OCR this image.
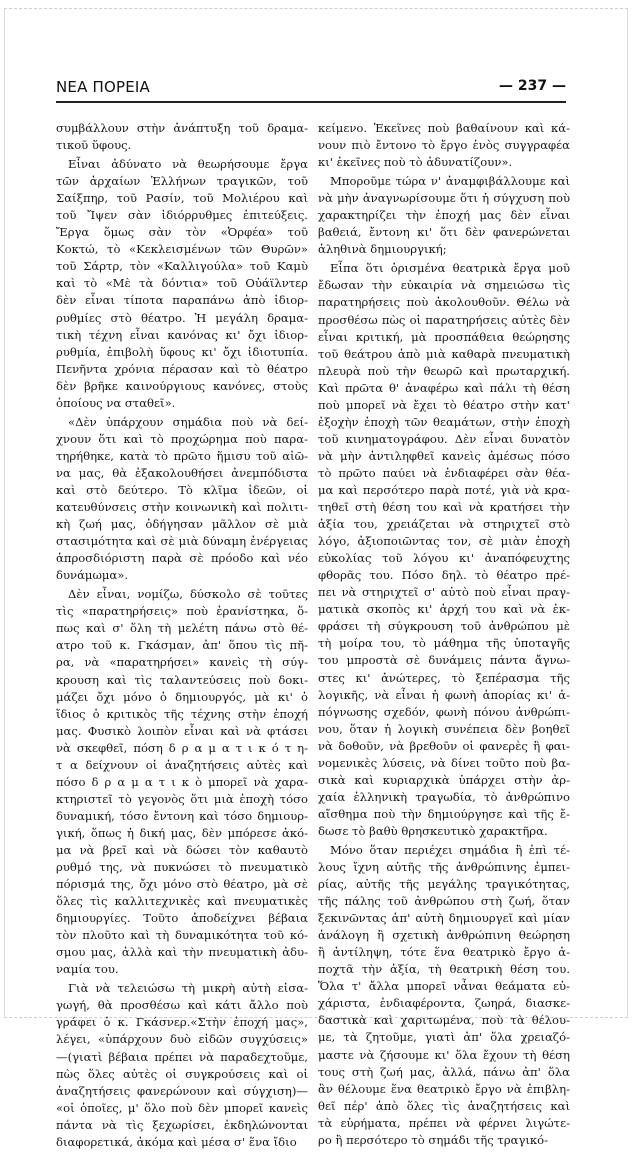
ΝΕΑ ΠΟΡΕΙΑ	— 237 —
συμβάλλουν στὴν ἀνάπτυξη τοῦ δραμα-
τικοῦ ὕφους.
Εἶναι ἀδύνατο νὰ θεωρήσουμε ἔργα
τῶν ἀρχαίων Ἑλλήνων τραγικῶν, τοῦ
Σαίξπηρ, τοῦ Ρασίν, τοῦ Μολιέρου καὶ
τοῦ Ἴψεν σὰν ἰδιόρρυθμες ἐπιτεύξεις.
Ἔργα ὅμως σὰν τὸν «Ὀρφέα» τοῦ
Κοκτώ, τὸ «Κεκλεισμένων τῶν Θυρῶν»
τοῦ Σάρτρ, τὸν «Καλλιγούλα» τοῦ Καμὺ
καὶ τὸ «Μὲ τὰ δόντια» τοῦ Οὐάϊλντερ
δὲν εἶναι τίποτα παραπάνω ἀπὸ ἰδιορ-
ρυθμίες στὸ θέατρο. Ἡ μεγάλη δραμα-
τικὴ τέχνη εἶναι κανόνας κι' ὄχι ἰδιορ-
ρυθμία, ἐπιβολὴ ὕφους κι' ὄχι ἰδιοτυπία.
Πενῆντα χρόνια πέρασαν καὶ τὸ θέατρο
δὲν βρῆκε καινούργιους κανόνες, στοὺς
ὁποίους να σταθεῖ».
«Δὲν ὑπάρχουν σημάδια ποὺ νὰ δεί-
χνουν ὅτι καὶ τὸ προχώρημα ποὺ παρα-
τηρήθηκε, κατὰ τὸ πρῶτο ἥμισυ τοῦ αἰῶ-
να μας, θὰ ἐξακολουθήσει ἀνεμπόδιστα
καὶ στὸ δεύτερο. Τὸ κλῖμα ἰδεῶν, οἱ
κατευθύνσεις στὴν κοινωνικὴ καὶ πολιτι-
κὴ ζωή μας, ὁδήγησαν μᾶλλον σὲ μιὰ
στασιμότητα καὶ σὲ μιὰ δύναμη ἐνέργειας
ἀπροσδιόριστη παρὰ σὲ πρόοδο καὶ νέο
δυνάμωμα».
Δὲν εἶναι, νομίζω, δύσκολο σὲ τοῦτες
τὶς «παρατηρήσεις» ποὺ ἐρανίστηκα, ὅ-
πως καὶ σ' ὅλη τὴ μελέτη πάνω στὸ θέ-
ατρο τοῦ κ. Γκάσμαν, ἀπ' ὅπου τὶς πῆ-
ρα, νὰ «παρατηρήσει» κανεὶς τὴ σύγ-
κρουση καὶ τὶς ταλαντεύσεις ποὺ δοκι-
μάζει ὄχι μόνο ὁ δημιουργός, μὰ κι' ὁ
ἴδιος ὁ κριτικὸς τῆς τέχνης στὴν ἐποχή
μας. Φυσικὸ λοιπὸν εἶναι καὶ νὰ φτάσει
νὰ σκεφθεῖ, πόση δ ρ α μ α τ ι κ ό τ η-
τ α δείχνουν οἱ ἀναζητήσεις αὐτὲς καὶ
πόσο δ ρ α μ α τ ι κ ὸ μπορεῖ νὰ χαρα-
κτηριστεῖ τὸ γεγονὸς ὅτι μιὰ ἐποχὴ τόσο
δυναμική, τόσο ἔντονη καὶ τόσο δημιουρ-
γική, ὅπως ἡ δική μας, δὲν μπόρεσε ἀκό-
μα νὰ βρεῖ καὶ νὰ δώσει τὸν καθαυτὸ
ρυθμό της, νὰ πυκνώσει τὸ πνευματικὸ
πόρισμά της, ὄχι μόνο στὸ θέατρο, μὰ σὲ
ὅλες τὶς καλλιτεχνικὲς καὶ πνευματικὲς
δημιουργίες. Τοῦτο ἀποδείχνει βέβαια
τὸν πλοῦτο καὶ τὴ δυναμικότητα τοῦ κό-
σμου μας, ἀλλὰ καὶ τὴν πνευματικὴ ἀδυ-
ναμία του.
Γιὰ νὰ τελειώσω τὴ μικρὴ αὐτὴ εἰσα-
γωγή, θὰ προσθέσω καὶ κάτι ἄλλο ποὺ
γράφει ὁ κ. Γκάσνερ.«Στὴν ἐποχή μας»,
λέγει, «ὑπάρχουν δυὸ εἰδῶν συγχύσεις»
—(γιατὶ βέβαια πρέπει νὰ παραδεχτοῦμε,
πὼς ὅλες αὐτὲς οἱ συγκρούσεις καὶ οἱ
ἀναζητήσεις φανερώνουν καὶ σύγχιση)—
«οἱ ὁποῖες, μ' ὅλο ποὺ δὲν μπορεῖ κανεὶς
πάντα νὰ τὶς ξεχωρίσει, ἐκδηλώνονται
διαφορετικά, ἀκόμα καὶ μέσα σ' ἕνα ἴδιο
κείμενο. Ἐκεῖνες ποὺ βαθαίνουν καὶ κά-
νουν πιὸ ἔντονο τὸ ἔργο ἑνὸς συγγραφέα
κι' ἐκεῖνες ποὺ τὸ ἀδυνατίζουν».
Μποροῦμε τώρα ν' ἀναμφιβάλλουμε καὶ
νὰ μὴν ἀναγνωρίσουμε ὅτι ἡ σύγχυση ποὺ
χαρακτηρίζει τὴν ἐποχή μας δὲν εἶναι
βαθειά, ἔντονη κι' ὅτι δὲν φανερώνεται
ἀληθινὰ δημιουργική;
Εἶπα ὅτι ὁρισμένα θεατρικὰ ἔργα μοῦ
ἔδωσαν τὴν εὐκαιρία νὰ σημειώσω τὶς
παρατηρήσεις ποὺ ἀκολουθοῦν. Θέλω νὰ
προσθέσω πὼς οἱ παρατηρήσεις αὐτὲς δὲν
εἶναι κριτική, μὰ προσπάθεια θεώρησης
τοῦ θεάτρου ἀπὸ μιὰ καθαρὰ πνευματικὴ
πλευρὰ ποὺ τὴν θεωρῶ καὶ πρωταρχική.
Καὶ πρῶτα θ' ἀναφέρω καὶ πάλι τὴ θέση
ποὺ μπορεῖ νὰ ἔχει τὸ θέατρο στὴν κατ'
ἐξοχὴν ἐποχὴ τῶν θεαμάτων, στὴν ἐποχὴ
τοῦ κινηματογράφου. Δὲν εἶναι δυνατὸν
νὰ μὴν ἀντιληφθεῖ κανεὶς ἀμέσως πόσο
τὸ πρῶτο παύει νὰ ἐνδιαφέρει σὰν θέα-
μα καὶ περσότερο παρὰ ποτέ, γιὰ νὰ κρα-
τηθεῖ στὴ θέση του καὶ νὰ κρατήσει τὴν
ἀξία του, χρειάζεται νὰ στηριχτεῖ στὸ
λόγο, ἀξιοποιῶντας τον, σὲ μιὰν ἐποχὴ
εὐκολίας τοῦ λόγου κι' ἀναπόφευχτης
φθορᾶς του. Πόσο δηλ. τὸ θέατρο πρέ-
πει νὰ στηριχτεῖ σ' αὐτὸ ποὺ εἶναι πραγ-
ματικὰ σκοπὸς κι' ἀρχή του καὶ νὰ ἐκ-
φράσει τὴ σύγκρουση τοῦ ἀνθρώπου μὲ
τὴ μοίρα του, τὸ μάθημα τῆς ὑποταγῆς
του μπροστὰ σὲ δυνάμεις πάντα ἄγνω-
στες κι' ἀνώτερες, τὸ ξεπέρασμα τῆς
λογικῆς, νὰ εἶναι ἡ φωνὴ ἀπορίας κι' ἀ-
πόγνωσης σχεδόν, φωνὴ πόνου ἀνθρώπι-
νου, ὅταν ἡ λογικὴ συνέπεια δὲν βοηθεῖ
νὰ δοθοῦν, νὰ βρεθοῦν οἱ φανερὲς ἢ φαι-
νομενικὲς λύσεις, νὰ δίνει τοῦτο ποὺ βα-
σικὰ καὶ κυριαρχικὰ ὑπάρχει στὴν ἀρ-
χαία ἑλληνικὴ τραγωδία, τὸ ἀνθρώπινο
αἴσθημα ποὺ τὴν δημιούργησε καὶ τῆς ἔ-
δωσε τὸ βαθὺ θρησκευτικὸ χαρακτῆρα.
Μόνο ὅταν περιέχει σημάδια ἢ ἐπὶ τέ-
λους ἴχνη αὐτῆς τῆς ἀνθρώπινης ἐμπει-
ρίας, αὐτῆς τῆς μεγάλης τραγικότητας,
τῆς πάλης τοῦ ἀνθρώπου στὴ ζωή, ὅταν
ξεκινῶντας ἀπ' αὐτὴ δημιουργεῖ καὶ μίαν
ἀνάλογη ἢ σχετικὴ ἀνθρώπινη θεώρηση
ἢ ἀντίληψη, τότε ἕνα θεατρικὸ ἔργο ἀ-
ποχτᾶ τὴν ἀξία, τὴ θεατρικὴ θέση του.
Ὅλα τ' ἄλλα μπορεῖ νἆναι θεάματα εὐ-
χάριστα, ἐνδιαφέροντα, ζωηρά, διασκε-
δαστικὰ καὶ χαριτωμένα, ποὺ τὰ θέλου-
με, τὰ ζητοῦμε, γιατὶ ἀπ' ὅλα χρειαζό-
μαστε νὰ ζήσουμε κι' ὅλα ἔχουν τὴ θέση
τους στὴ ζωή μας, ἀλλά, πάνω ἀπ' ὅλα
ἂν θέλουμε ἕνα θεατρικὸ ἔργο νὰ ἐπιβλη-
θεῖ πέρ' ἀπὸ ὅλες τὶς ἀναζητήσεις καὶ
τὰ εὑρήματα, πρέπει νὰ φέρνει λιγώτε-
ρο ἢ περσότερο τὸ σημάδι τῆς τραγικό-
